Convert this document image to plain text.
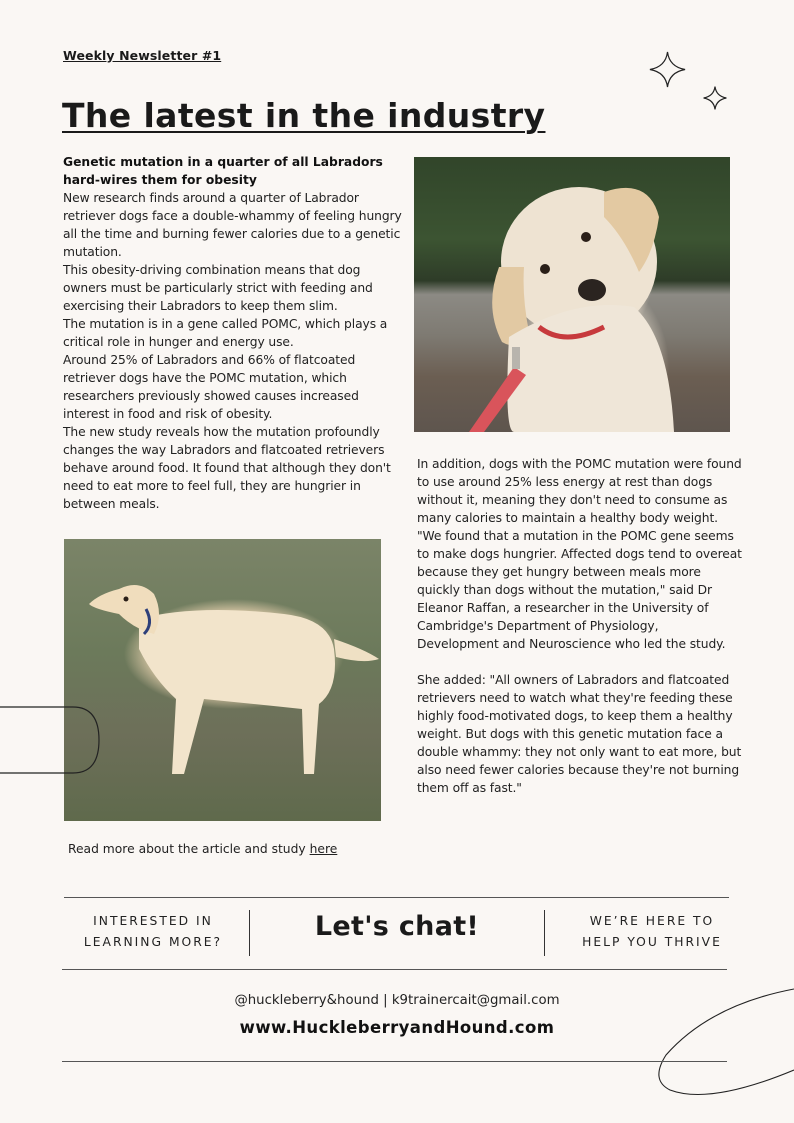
Weekly Newsletter #1
The latest in the industry
Genetic mutation in a quarter of all Labradors hard-wires them for obesity

New research finds around a quarter of Labrador retriever dogs face a double-whammy of feeling hungry all the time and burning fewer calories due to a genetic mutation.

This obesity-driving combination means that dog owners must be particularly strict with feeding and exercising their Labradors to keep them slim.

The mutation is in a gene called POMC, which plays a critical role in hunger and energy use.

Around 25% of Labradors and 66% of flatcoated retriever dogs have the POMC mutation, which researchers previously showed causes increased interest in food and risk of obesity.

The new study reveals how the mutation profoundly changes the way Labradors and flatcoated retrievers behave around food. It found that although they don't need to eat more to feel full, they are hungrier in between meals.

Read more about the article and study here

In addition, dogs with the POMC mutation were found to use around 25% less energy at rest than dogs without it, meaning they don't need to consume as many calories to maintain a healthy body weight.

"We found that a mutation in the POMC gene seems to make dogs hungrier. Affected dogs tend to overeat because they get hungry between meals more quickly than dogs without the mutation," said Dr Eleanor Raffan, a researcher in the University of Cambridge's Department of Physiology, Development and Neuroscience who led the study.

She added: "All owners of Labradors and flatcoated retrievers need to watch what they're feeding these highly food-motivated dogs, to keep them a healthy weight. But dogs with this genetic mutation face a double whammy: they not only want to eat more, but also need fewer calories because they're not burning them off as fast."

INTERESTED IN
LEARNING MORE?	Let's chat!	WE’RE HERE TO
HELP YOU THRIVE
@huckleberry&hound | k9trainercait@gmail.com
www.HuckleberryandHound.com
